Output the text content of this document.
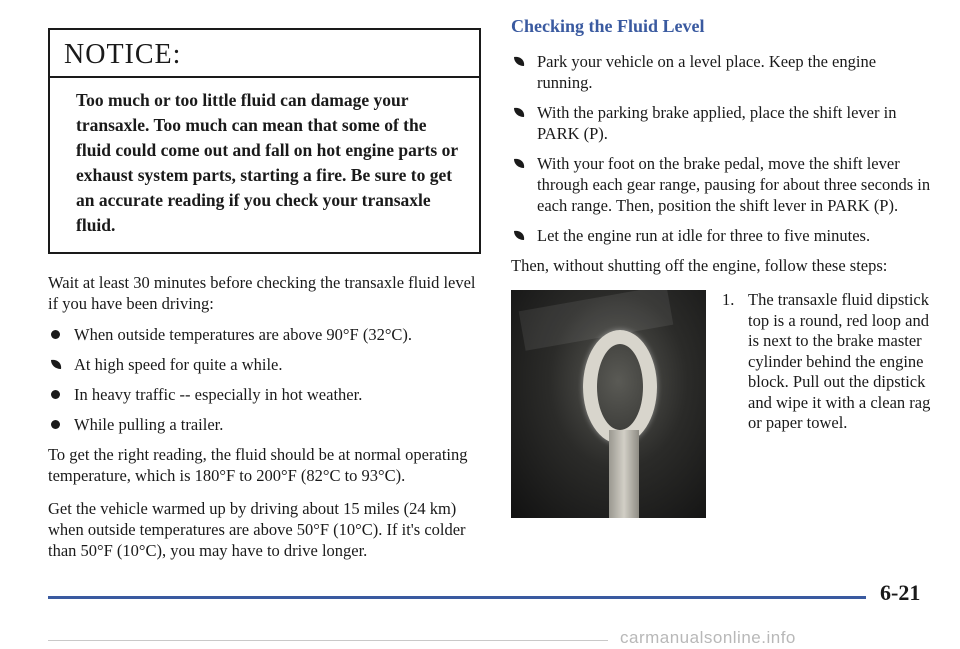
NOTICE:
Too much or too little fluid can damage your transaxle. Too much can mean that some of the fluid could come out and fall on hot engine parts or exhaust system parts, starting a fire. Be sure to get an accurate reading if you check your transaxle fluid.

Wait at least 30 minutes before checking the transaxle fluid level if you have been driving:

When outside temperatures are above 90°F (32°C).
At high speed for quite a while.
In heavy traffic -- especially in hot weather.
While pulling a trailer.

To get the right reading, the fluid should be at normal operating temperature, which is 180°F to 200°F (82°C to 93°C).

Get the vehicle warmed up by driving about 15 miles (24 km) when outside temperatures are above 50°F (10°C). If it's colder than 50°F (10°C), you may have to drive longer.

Checking the Fluid Level
Park your vehicle on a level place. Keep the engine running.
With the parking brake applied, place the shift lever in PARK (P).
With your foot on the brake pedal, move the shift lever through each gear range, pausing for about three seconds in each range. Then, position the shift lever in PARK (P).
Let the engine run at idle for three to five minutes.

Then, without shutting off the engine, follow these steps:

1. The transaxle fluid dipstick top is a round, red loop and is next to the brake master cylinder behind the engine block. Pull out the dipstick and wipe it with a clean rag or paper towel.
6-21
carmanualsonline.info
